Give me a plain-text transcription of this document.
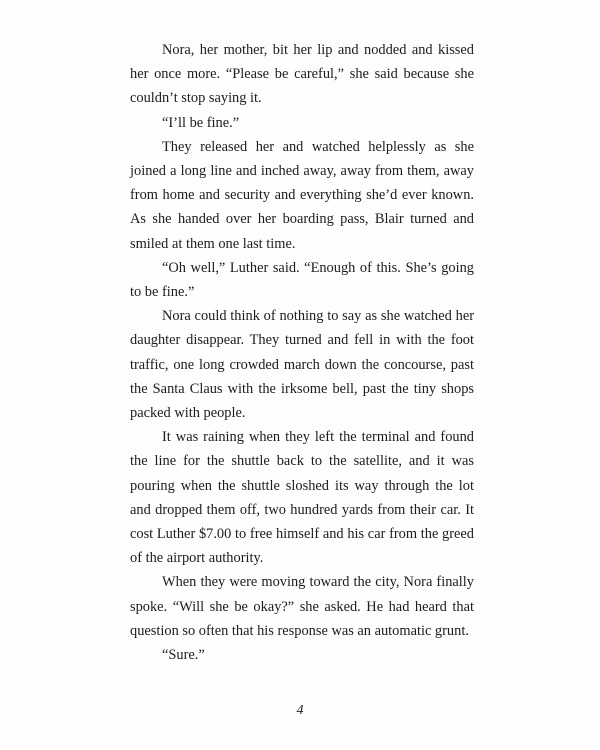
Nora, her mother, bit her lip and nodded and kissed her once more. “Please be careful,” she said because she couldn’t stop saying it.

“I’ll be fine.”

They released her and watched helplessly as she joined a long line and inched away, away from them, away from home and security and everything she’d ever known. As she handed over her boarding pass, Blair turned and smiled at them one last time.

“Oh well,” Luther said. “Enough of this. She’s going to be fine.”

Nora could think of nothing to say as she watched her daughter disappear. They turned and fell in with the foot traffic, one long crowded march down the concourse, past the Santa Claus with the irksome bell, past the tiny shops packed with people.

It was raining when they left the terminal and found the line for the shuttle back to the satellite, and it was pouring when the shuttle sloshed its way through the lot and dropped them off, two hundred yards from their car. It cost Luther $7.00 to free himself and his car from the greed of the airport authority.

When they were moving toward the city, Nora finally spoke. “Will she be okay?” she asked. He had heard that question so often that his response was an automatic grunt.

“Sure.”

4
